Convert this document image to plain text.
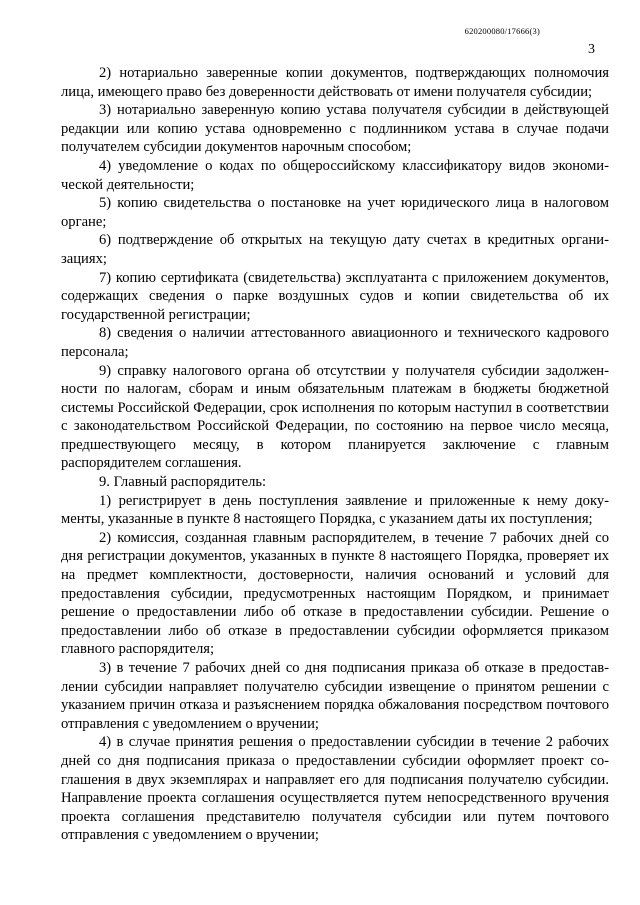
620200080/17666(3)
3

2) нотариально заверенные копии документов, подтверждающих полномочия лица, имеющего право без доверенности действовать от имени получателя субсидии;

3) нотариально заверенную копию устава получателя субсидии в действующей редакции или копию устава одновременно с подлинником устава в случае подачи получателем субсидии документов нарочным способом;

4) уведомление о кодах по общероссийскому классификатору видов экономической деятельности;

5) копию свидетельства о постановке на учет юридического лица в налоговом органе;

6) подтверждение об открытых на текущую дату счетах в кредитных организациях;

7) копию сертификата (свидетельства) эксплуатанта с приложением документов, содержащих сведения о парке воздушных судов и копии свидетельства об их государственной регистрации;

8) сведения о наличии аттестованного авиационного и технического кадрового персонала;

9) справку налогового органа об отсутствии у получателя субсидии задолженности по налогам, сборам и иным обязательным платежам в бюджеты бюджетной системы Российской Федерации, срок исполнения по которым наступил в соответствии с законодательством Российской Федерации, по состоянию на первое число месяца, предшествующего месяцу, в котором планируется заключение с главным распорядителем соглашения.

9. Главный распорядитель:

1) регистрирует в день поступления заявление и приложенные к нему документы, указанные в пункте 8 настоящего Порядка, с указанием даты их поступления;

2) комиссия, созданная главным распорядителем, в течение 7 рабочих дней со дня регистрации документов, указанных в пункте 8 настоящего Порядка, проверяет их на предмет комплектности, достоверности, наличия оснований и условий для предоставления субсидии, предусмотренных настоящим Порядком, и принимает решение о предоставлении либо об отказе в предоставлении субсидии. Решение о предоставлении либо об отказе в предоставлении субсидии оформляется приказом главного распорядителя;

3) в течение 7 рабочих дней со дня подписания приказа об отказе в предоставлении субсидии направляет получателю субсидии извещение о принятом решении с указанием причин отказа и разъяснением порядка обжалования посредством почтового отправления с уведомлением о вручении;

4) в случае принятия решения о предоставлении субсидии в течение 2 рабочих дней со дня подписания приказа о предоставлении субсидии оформляет проект соглашения в двух экземплярах и направляет его для подписания получателю субсидии. Направление проекта соглашения осуществляется путем непосредственного вручения проекта соглашения представителю получателя субсидии или путем почтового отправления с уведомлением о вручении;
